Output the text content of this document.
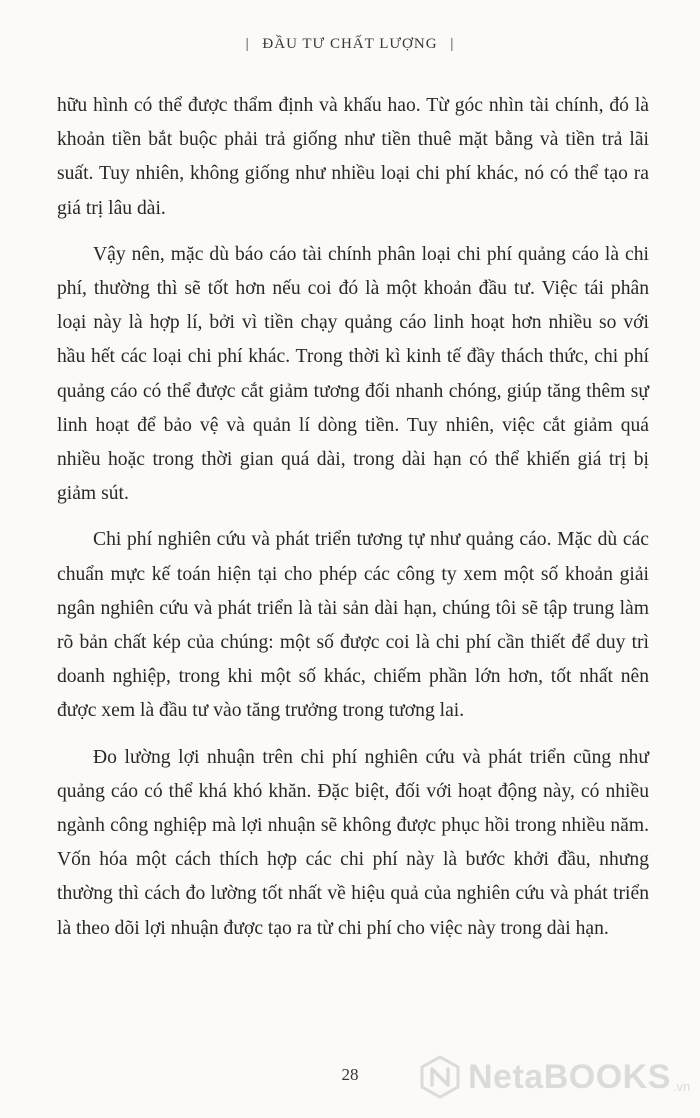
| ĐẦU TƯ CHẤT LƯỢNG |

hữu hình có thể được thẩm định và khấu hao. Từ góc nhìn tài chính, đó là khoản tiền bắt buộc phải trả giống như tiền thuê mặt bằng và tiền trả lãi suất. Tuy nhiên, không giống như nhiều loại chi phí khác, nó có thể tạo ra giá trị lâu dài.

Vậy nên, mặc dù báo cáo tài chính phân loại chi phí quảng cáo là chi phí, thường thì sẽ tốt hơn nếu coi đó là một khoản đầu tư. Việc tái phân loại này là hợp lí, bởi vì tiền chạy quảng cáo linh hoạt hơn nhiều so với hầu hết các loại chi phí khác. Trong thời kì kinh tế đầy thách thức, chi phí quảng cáo có thể được cắt giảm tương đối nhanh chóng, giúp tăng thêm sự linh hoạt để bảo vệ và quản lí dòng tiền. Tuy nhiên, việc cắt giảm quá nhiều hoặc trong thời gian quá dài, trong dài hạn có thể khiến giá trị bị giảm sút.

Chi phí nghiên cứu và phát triển tương tự như quảng cáo. Mặc dù các chuẩn mực kế toán hiện tại cho phép các công ty xem một số khoản giải ngân nghiên cứu và phát triển là tài sản dài hạn, chúng tôi sẽ tập trung làm rõ bản chất kép của chúng: một số được coi là chi phí cần thiết để duy trì doanh nghiệp, trong khi một số khác, chiếm phần lớn hơn, tốt nhất nên được xem là đầu tư vào tăng trưởng trong tương lai.

Đo lường lợi nhuận trên chi phí nghiên cứu và phát triển cũng như quảng cáo có thể khá khó khăn. Đặc biệt, đối với hoạt động này, có nhiều ngành công nghiệp mà lợi nhuận sẽ không được phục hồi trong nhiều năm. Vốn hóa một cách thích hợp các chi phí này là bước khởi đầu, nhưng thường thì cách đo lường tốt nhất về hiệu quả của nghiên cứu và phát triển là theo dõi lợi nhuận được tạo ra từ chi phí cho việc này trong dài hạn.

28	NetaBOOKS .vn
